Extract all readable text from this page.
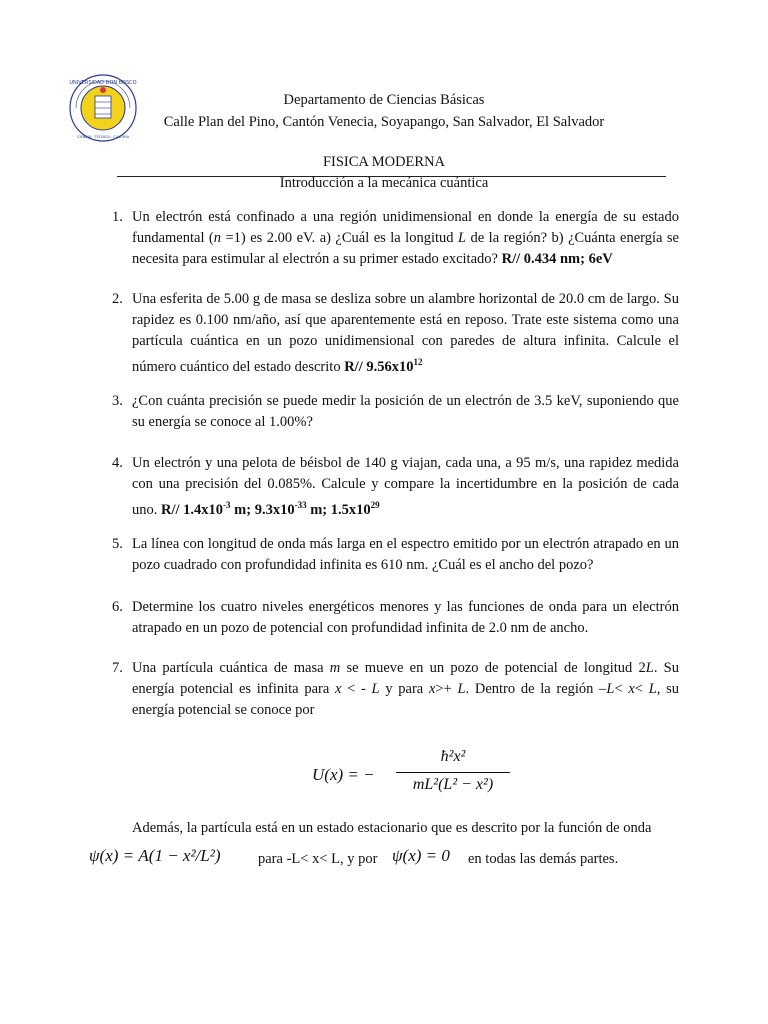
UNIVERSIDAD DON BOSCO
CIENCIA · TECNICA · CULTURA
Departamento de Ciencias Básicas
Calle Plan del Pino, Cantón Venecia, Soyapango, San Salvador, El Salvador
FISICA MODERNA
Introducción a la mecánica cuántica
1. Un electrón está confinado a una región unidimensional en donde la energía de su estado fundamental (n =1) es 2.00 eV. a) ¿Cuál es la longitud L de la región? b) ¿Cuánta energía se necesita para estimular al electrón a su primer estado excitado? R// 0.434 nm; 6eV
2. Una esferita de 5.00 g de masa se desliza sobre un alambre horizontal de 20.0 cm de largo. Su rapidez es 0.100 nm/año, así que aparentemente está en reposo. Trate este sistema como una partícula cuántica en un pozo unidimensional con paredes de altura infinita. Calcule el número cuántico del estado descrito R// $9.56x10^{12}$
3. ¿Con cuánta precisión se puede medir la posición de un electrón de 3.5 keV, suponiendo que su energía se conoce al 1.00%?
4. Un electrón y una pelota de béisbol de 140 g viajan, cada una, a 95 m/s, una rapidez medida con una precisión del 0.085%. Calcule y compare la incertidumbre en la posición de cada uno. R// $1.4x10^{-3}$ m; $9.3x10^{-33}$ m; $1.5x10^{29}$
5. La línea con longitud de onda más larga en el espectro emitido por un electrón atrapado en un pozo cuadrado con profundidad infinita es 610 nm. ¿Cuál es el ancho del pozo?
6. Determine los cuatro niveles energéticos menores y las funciones de onda para un electrón atrapado en un pozo de potencial con profundidad infinita de 2.0 nm de ancho.
7. Una partícula cuántica de masa m se mueve en un pozo de potencial de longitud 2L. Su energía potencial es infinita para x < - L y para x>+ L. Dentro de la región –L< x< L, su energía potencial se conoce por
U(x) = −
ħ²x²
mL²(L² − x²)
Además, la partícula está en un estado estacionario que es descrito por la función de onda
ψ(x) = A(1 − x²/L²)	para -L< x< L, y por ψ(x) = 0 en todas las demás partes.
